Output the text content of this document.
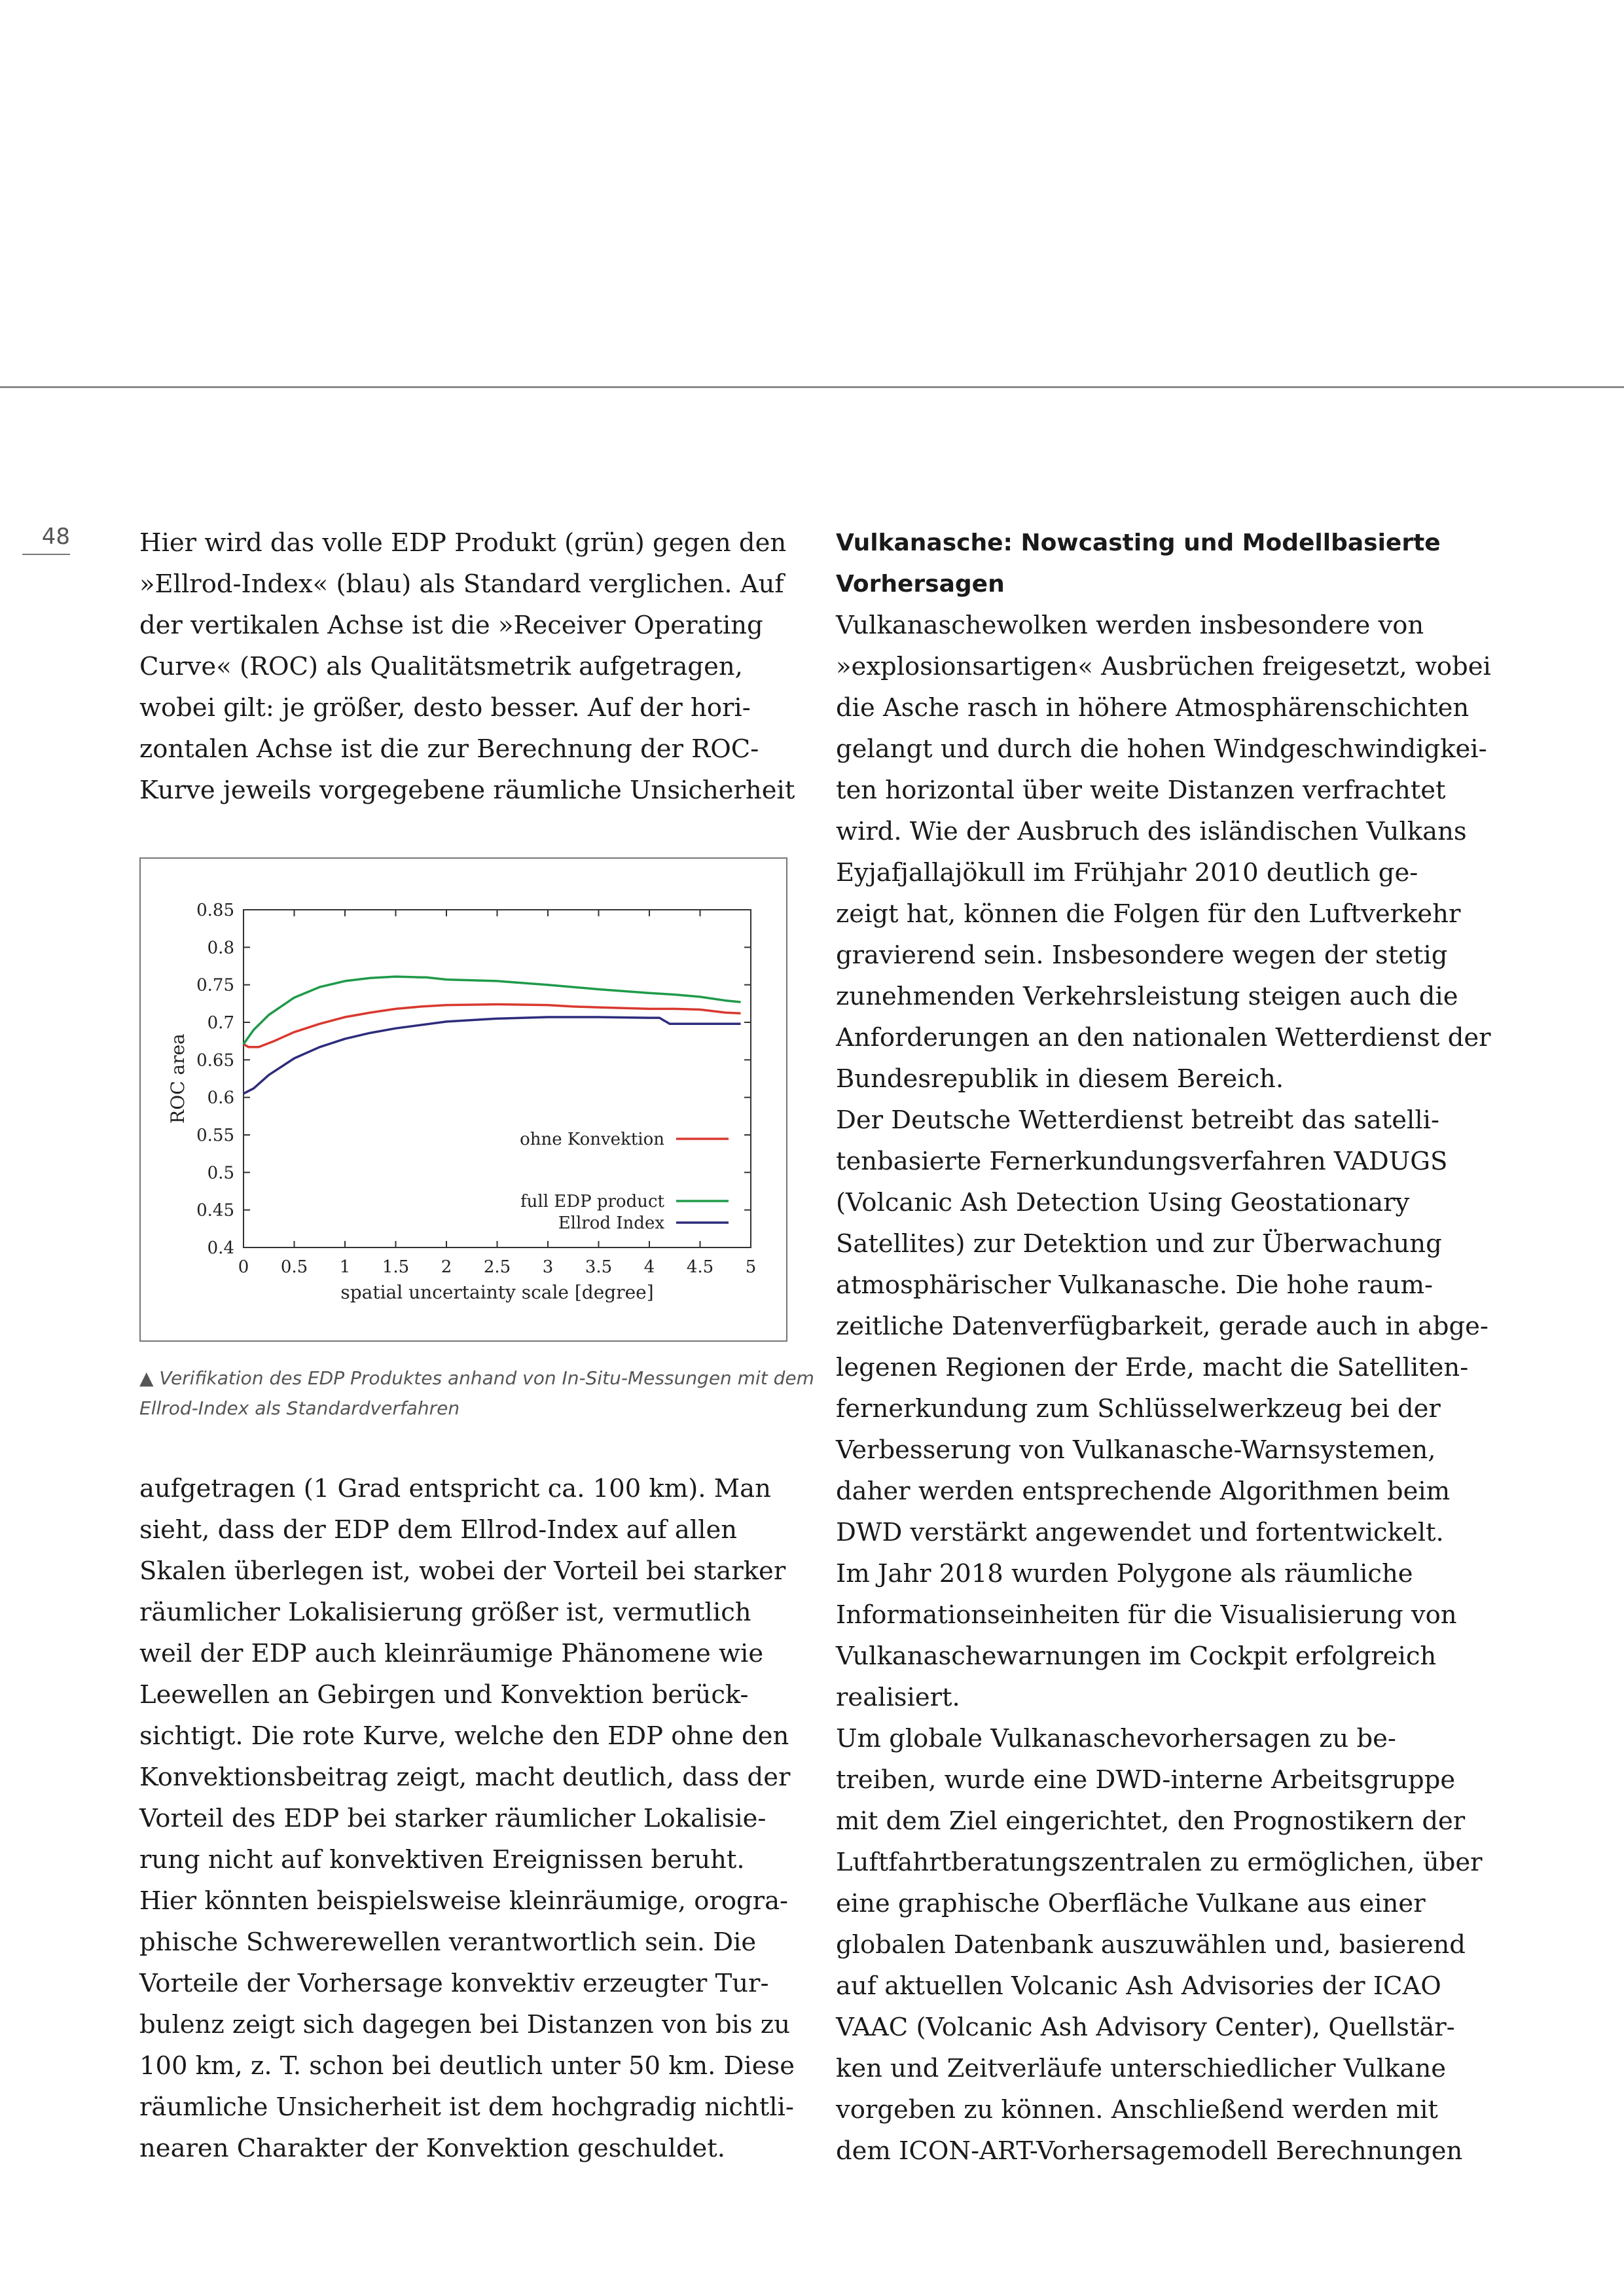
48	Hier wird das volle EDP Produkt (grün) gegen den

»Ellrod-Index« (blau) als Standard verglichen. Auf

der vertikalen Achse ist die »Receiver Operating

Curve« (ROC) als Qualitätsmetrik aufgetragen,

wobei gilt: je größer, desto besser. Auf der hori-

zontalen Achse ist die zur Berechnung der ROC-

Kurve jeweils vorgegebene räumliche Unsicherheit

0 0.5 1 1.5 2 2.5 3 3.5 4 4.5 5
0.4
0.45
0.5
0.55
0.6
0.65
0.7
0.75
0.8
0.85
spatial uncertainty scale [degree]
ROC area
ohne Konvektion
full EDP product
Ellrod Index

▲ Verifikation des EDP Produktes anhand von In-Situ-Messungen mit dem

Ellrod-Index als Standardverfahren

aufgetragen (1 Grad entspricht ca. 100 km). Man

sieht, dass der EDP dem Ellrod-Index auf allen

Skalen überlegen ist, wobei der Vorteil bei starker

räumlicher Lokalisierung größer ist, vermutlich

weil der EDP auch kleinräumige Phänomene wie

Leewellen an Gebirgen und Konvektion berück-

sichtigt. Die rote Kurve, welche den EDP ohne den

Konvektionsbeitrag zeigt, macht deutlich, dass der

Vorteil des EDP bei starker räumlicher Lokalisie-

rung nicht auf konvektiven Ereignissen beruht.

Hier könnten beispielsweise kleinräumige, orogra-

phische Schwerewellen verantwortlich sein. Die

Vorteile der Vorhersage konvektiv erzeugter Tur-

bulenz zeigt sich dagegen bei Distanzen von bis zu

100 km, z. T. schon bei deutlich unter 50 km. Diese

räumliche Unsicherheit ist dem hochgradig nichtli-

nearen Charakter der Konvektion geschuldet.

Vulkanasche: Nowcasting und Modellbasierte

Vorhersagen

Vulkanaschewolken werden insbesondere von

»explosionsartigen« Ausbrüchen freigesetzt, wobei

die Asche rasch in höhere Atmosphärenschichten

gelangt und durch die hohen Windgeschwindigkei-

ten horizontal über weite Distanzen verfrachtet

wird. Wie der Ausbruch des isländischen Vulkans

Eyjafjallajökull im Frühjahr 2010 deutlich ge-

zeigt hat, können die Folgen für den Luftverkehr

gravierend sein. Insbesondere wegen der stetig

zunehmenden Verkehrsleistung steigen auch die

Anforderungen an den nationalen Wetterdienst der

Bundesrepublik in diesem Bereich.

Der Deutsche Wetterdienst betreibt das satelli-

tenbasierte Fernerkundungsverfahren VADUGS

(Volcanic Ash Detection Using Geostationary

Satellites) zur Detektion und zur Überwachung

atmosphärischer Vulkanasche. Die hohe raum-

zeitliche Datenverfügbarkeit, gerade auch in abge-

legenen Regionen der Erde, macht die Satelliten-

fernerkundung zum Schlüsselwerkzeug bei der

Verbesserung von Vulkanasche-Warnsystemen,

daher werden entsprechende Algorithmen beim

DWD verstärkt angewendet und fortentwickelt.

Im Jahr 2018 wurden Polygone als räumliche

Informationseinheiten für die Visualisierung von

Vulkanaschewarnungen im Cockpit erfolgreich

realisiert.

Um globale Vulkanaschevorhersagen zu be-

treiben, wurde eine DWD-interne Arbeitsgruppe

mit dem Ziel eingerichtet, den Prognostikern der

Luftfahrtberatungszentralen zu ermöglichen, über

eine graphische Oberfläche Vulkane aus einer

globalen Datenbank auszuwählen und, basierend

auf aktuellen Volcanic Ash Advisories der ICAO

VAAC (Volcanic Ash Advisory Center), Quellstär-

ken und Zeitverläufe unterschiedlicher Vulkane

vorgeben zu können. Anschließend werden mit

dem ICON-ART-Vorhersagemodell Berechnungen
